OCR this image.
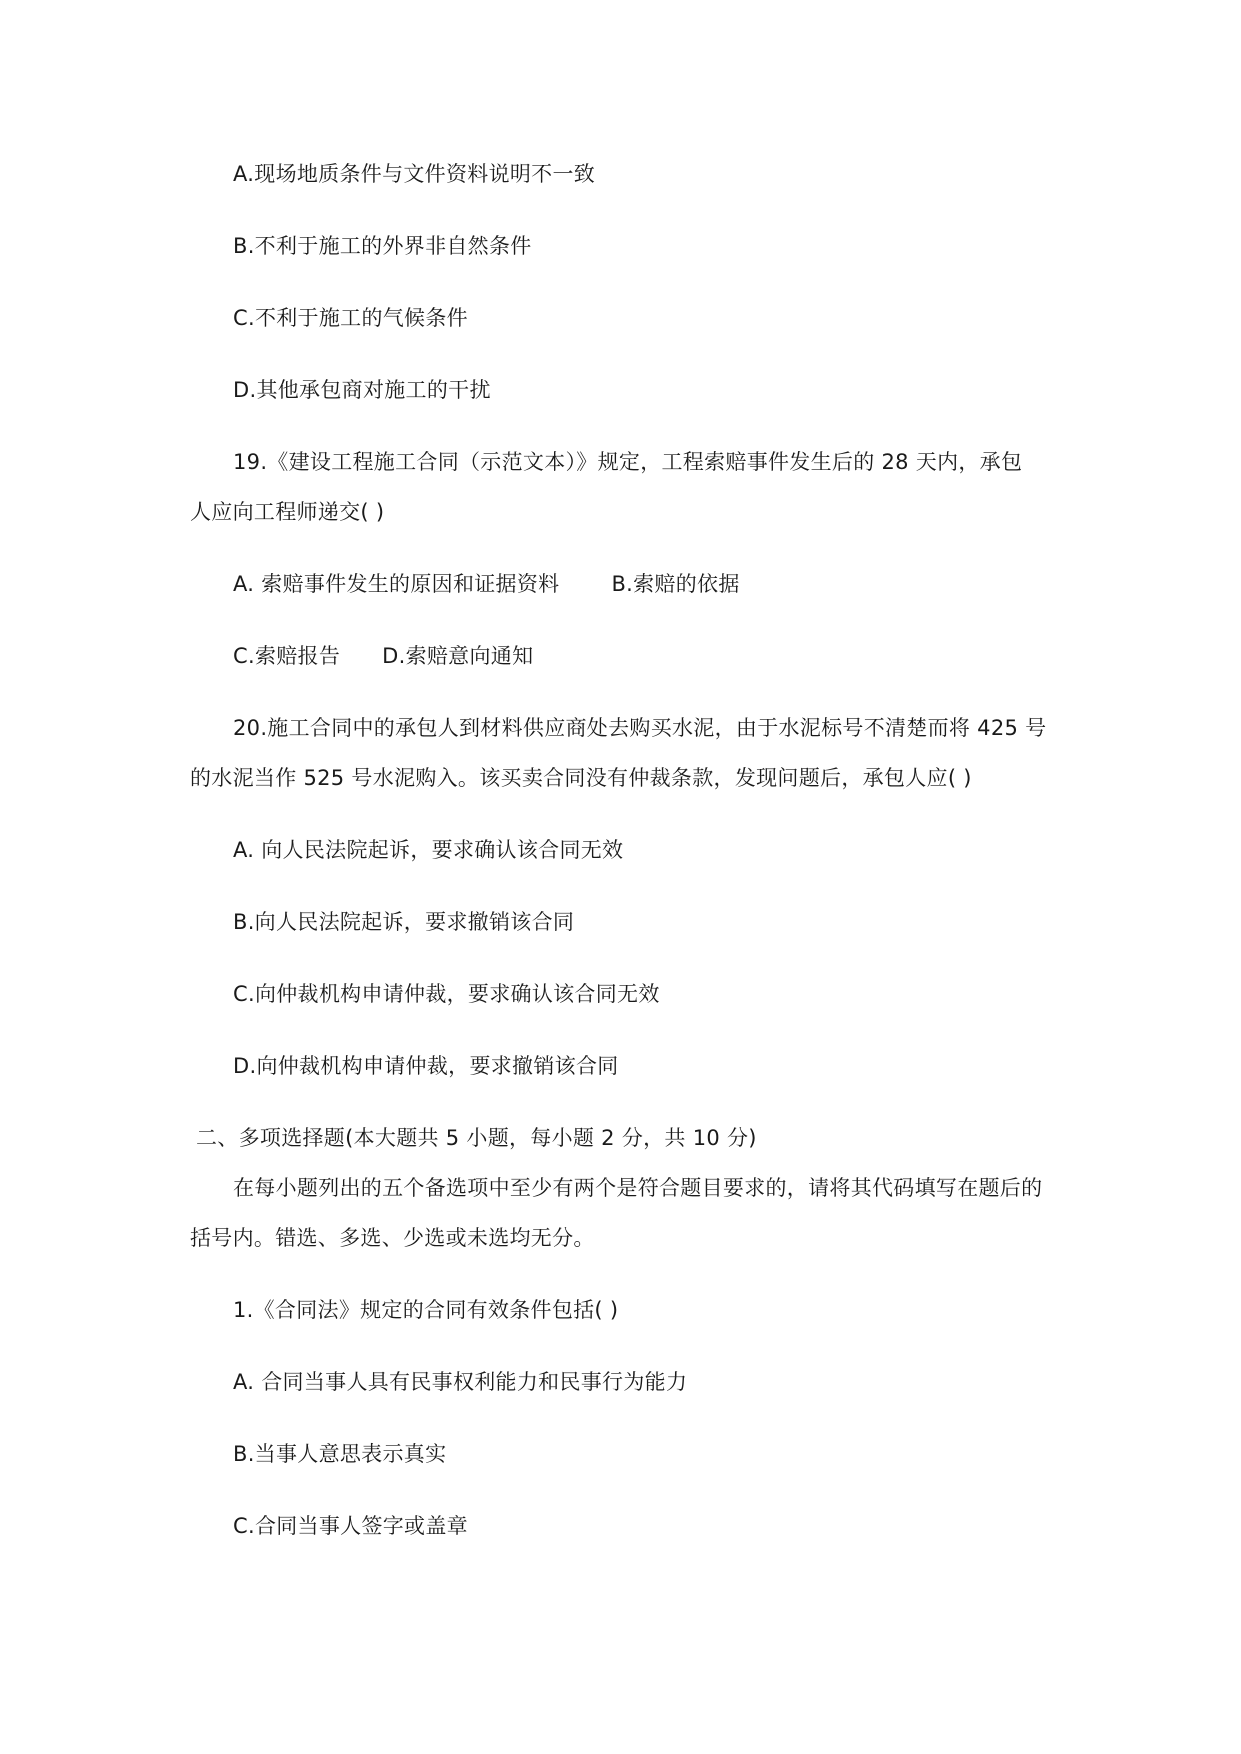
A.现场地质条件与文件资料说明不一致
B.不利于施工的外界非自然条件
C.不利于施工的气候条件
D.其他承包商对施工的干扰
19.《建设工程施工合同（示范文本）》规定，工程索赔事件发生后的 28 天内，承包
人应向工程师递交( )
A. 索赔事件发生的原因和证据资料 B.索赔的依据
C.索赔报告 D.索赔意向通知
20.施工合同中的承包人到材料供应商处去购买水泥，由于水泥标号不清楚而将 425 号
的水泥当作 525 号水泥购入。该买卖合同没有仲裁条款，发现问题后，承包人应( )
A. 向人民法院起诉，要求确认该合同无效
B.向人民法院起诉，要求撤销该合同
C.向仲裁机构申请仲裁，要求确认该合同无效
D.向仲裁机构申请仲裁，要求撤销该合同
二、多项选择题(本大题共 5 小题，每小题 2 分，共 10 分)
在每小题列出的五个备选项中至少有两个是符合题目要求的，请将其代码填写在题后的
括号内。错选、多选、少选或未选均无分。
1.《合同法》规定的合同有效条件包括( )
A. 合同当事人具有民事权利能力和民事行为能力
B.当事人意思表示真实
C.合同当事人签字或盖章
